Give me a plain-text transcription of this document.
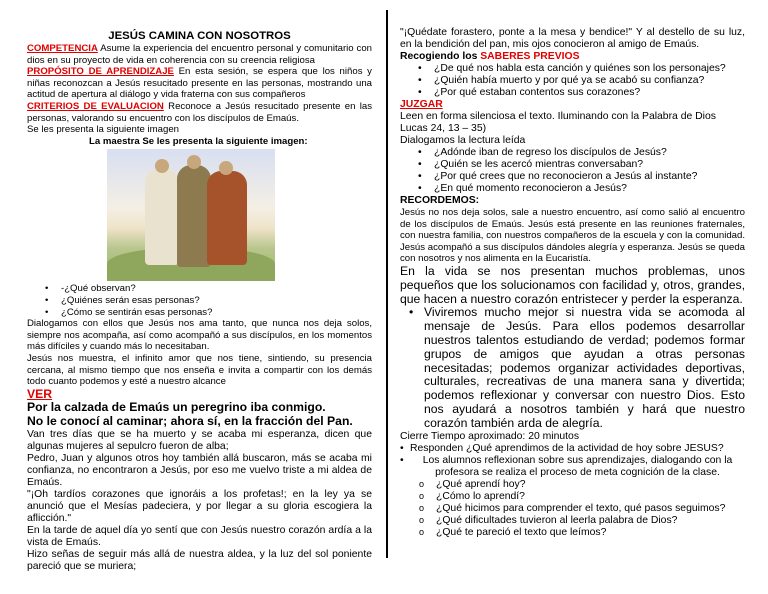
JESÚS CAMINA CON NOSOTROS

COMPETENCIA Asume la experiencia del encuentro personal y comunitario con dios en su proyecto de vida en coherencia con su creencia religiosa

PROPÓSITO DE APRENDIZAJE En esta sesión, se espera que los niños y niñas reconozcan a Jesús resucitado presente en las personas, mostrando una actitud de apertura al diálogo y vida fraterna con sus compañeros

CRITERIOS DE EVALUACION Reconoce a Jesús resucitado presente en las personas, valorando su encuentro con los discípulos de Emaús.

Se les presenta la siguiente imagen

La maestra Se les presenta la siguiente imagen:

• -¿Qué observan?
• ¿Quiénes serán esas personas?
• ¿Cómo se sentirán esas personas?

Dialogamos con ellos que Jesús nos ama tanto, que nunca nos deja solos, siempre nos acompaña, así como acompañó a sus discípulos, en los momentos más difíciles y cuando más lo necesitaban.

Jesús nos muestra, el infinito amor que nos tiene, sintiendo, su presencia cercana, al mismo tiempo que nos enseña e invita a compartir con los demás todo cuanto podemos y esté a nuestro alcance

VER

Por la calzada de Emaús un peregrino iba conmigo.

No le conocí al caminar; ahora sí, en la fracción del Pan.

Van tres días que se ha muerto y se acaba mi esperanza, dicen que algunas mujeres al sepulcro fueron de alba;

Pedro, Juan y algunos otros hoy también allá buscaron, más se acaba mi confianza, no encontraron a Jesús, por eso me vuelvo triste a mi aldea de Emaús.

"¡Oh tardíos corazones que ignoráis a los profetas!; en la ley ya se anunció que el Mesías padeciera, y por llegar a su gloria escogiera la aflicción."

En la tarde de aquel día yo sentí que con Jesús nuestro corazón ardía a la vista de Emaús.

Hizo señas de seguir más allá de nuestra aldea, y la luz del sol poniente pareció que se muriera;

"¡Quédate forastero, ponte a la mesa y bendice!" Y al destello de su luz, en la bendición del pan, mis ojos conocieron al amigo de Emaús.

Recogiendo los SABERES PREVIOS

• ¿De qué nos habla esta canción y quiénes son los personajes?
• ¿Quién había muerto y por qué ya se acabó su confianza?
• ¿Por qué estaban contentos sus corazones?

JUZGAR

Leen en forma silenciosa el texto. Iluminando con la Palabra de Dios

Lucas 24, 13 – 35)

Dialogamos la lectura leída

• ¿Adónde iban de regreso los discípulos de Jesús?
• ¿Quién se les acercó mientras conversaban?
• ¿Por qué crees que no reconocieron a Jesús al instante?
• ¿En qué momento reconocieron a Jesús?

RECORDEMOS:

Jesús no nos deja solos, sale a nuestro encuentro, así como salió al encuentro de los discípulos de Emaús. Jesús está presente en las reuniones fraternales, con nuestra familia, con nuestros compañeros de la escuela y con la comunidad. Jesús acompañó a sus discípulos dándoles alegría y esperanza. Jesús se queda con nosotros y nos alimenta en la Eucaristía.

En la vida se nos presentan muchos problemas, unos pequeños que los solucionamos con facilidad y, otros, grandes, que hacen a nuestro corazón entristecer y perder la esperanza.

• Viviremos mucho mejor si nuestra vida se acomoda al mensaje de Jesús. Para ellos podemos desarrollar nuestros talentos estudiando de verdad; podemos formar grupos de amigos que ayudan a otras personas necesitadas; podemos organizar actividades deportivas, culturales, recreativas de una manera sana y divertida; podemos reflexionar y conversar con nuestro Dios. Esto nos ayudará a nosotros también y hará que nuestro corazón también arda de alegría.

Cierre Tiempo aproximado: 20 minutos

• Responden ¿Qué aprendimos de la actividad de hoy sobre JESUS?
• Los alumnos reflexionan sobre sus aprendizajes, dialogando con la profesora se realiza el proceso de meta cognición de la clase.
o ¿Qué aprendí hoy?
o ¿Cómo lo aprendí?
o ¿Qué hicimos para comprender el texto, qué pasos seguimos?
o ¿Qué dificultades tuvieron al leerla palabra de Dios?
o ¿Qué te pareció el texto que leímos?
